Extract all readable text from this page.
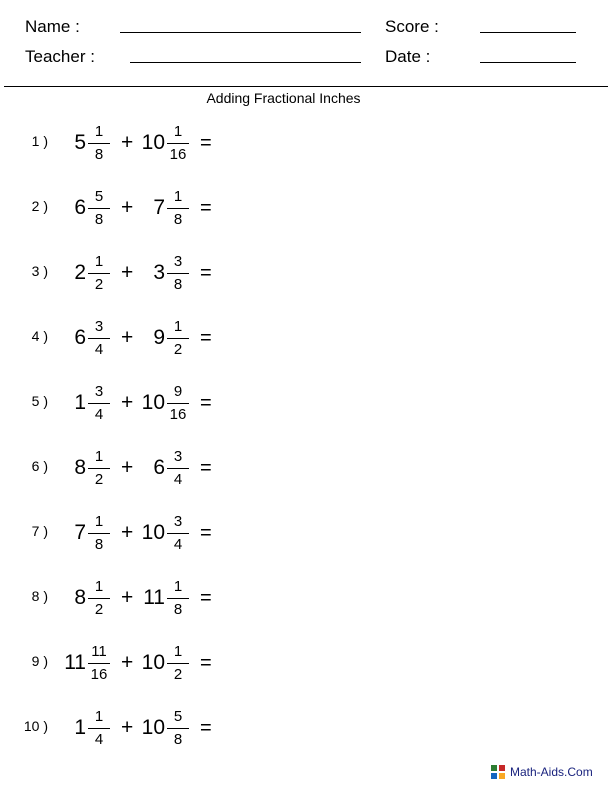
Name :	Score :
Teacher :	Date :
Adding Fractional Inches
1 )	5 1
8
10 1
16
+	=
2 )	6 5
8
7 1
8
+	=
3 )	2 1
2
3 3
8
+	=
4 )	6 3
4
9 1
2
+	=
5 )	1 3
4
10 9
16
+	=
6 )	8 1
2
6 3
4
+	=
7 )	7 1
8
10 3
4
+	=
8 )	8 1
2
11 1
8
+	=
9 ) 11 11
16
10 1
2
+	=
10 )	1 1
4
10 5
8
+	=
Math-Aids.Com
